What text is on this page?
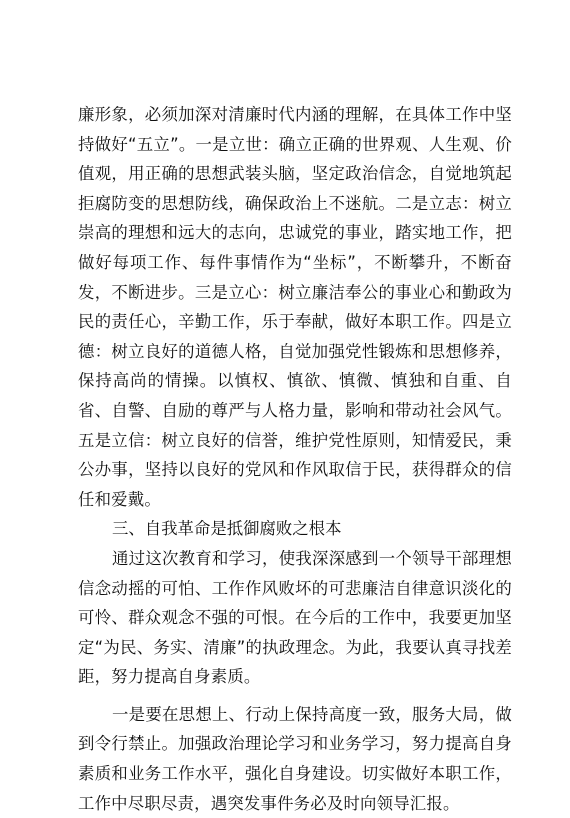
廉形象，必须加深对清廉时代内涵的理解，在具体工作中坚持做好“五立”。一是立世：确立正确的世界观、人生观、价值观，用正确的思想武装头脑，坚定政治信念，自觉地筑起拒腐防变的思想防线，确保政治上不迷航。二是立志：树立崇高的理想和远大的志向，忠诚党的事业，踏实地工作，把做好每项工作、每件事情作为“坐标”，不断攀升，不断奋发，不断进步。三是立心：树立廉洁奉公的事业心和勤政为民的责任心，辛勤工作，乐于奉献，做好本职工作。四是立德：树立良好的道德人格，自觉加强党性锻炼和思想修养，保持高尚的情操。以慎权、慎欲、慎微、慎独和自重、自省、自警、自励的尊严与人格力量，影响和带动社会风气。五是立信：树立良好的信誉，维护党性原则，知情爱民，秉公办事，坚持以良好的党风和作风取信于民，获得群众的信任和爱戴。

三、自我革命是抵御腐败之根本

通过这次教育和学习，使我深深感到一个领导干部理想信念动摇的可怕、工作作风败坏的可悲廉洁自律意识淡化的可怜、群众观念不强的可恨。在今后的工作中，我要更加坚定“为民、务实、清廉”的执政理念。为此，我要认真寻找差距，努力提高自身素质。

一是要在思想上、行动上保持高度一致，服务大局，做到令行禁止。加强政治理论学习和业务学习，努力提高自身素质和业务工作水平，强化自身建设。切实做好本职工作，工作中尽职尽责，遇突发事件务必及时向领导汇报。
